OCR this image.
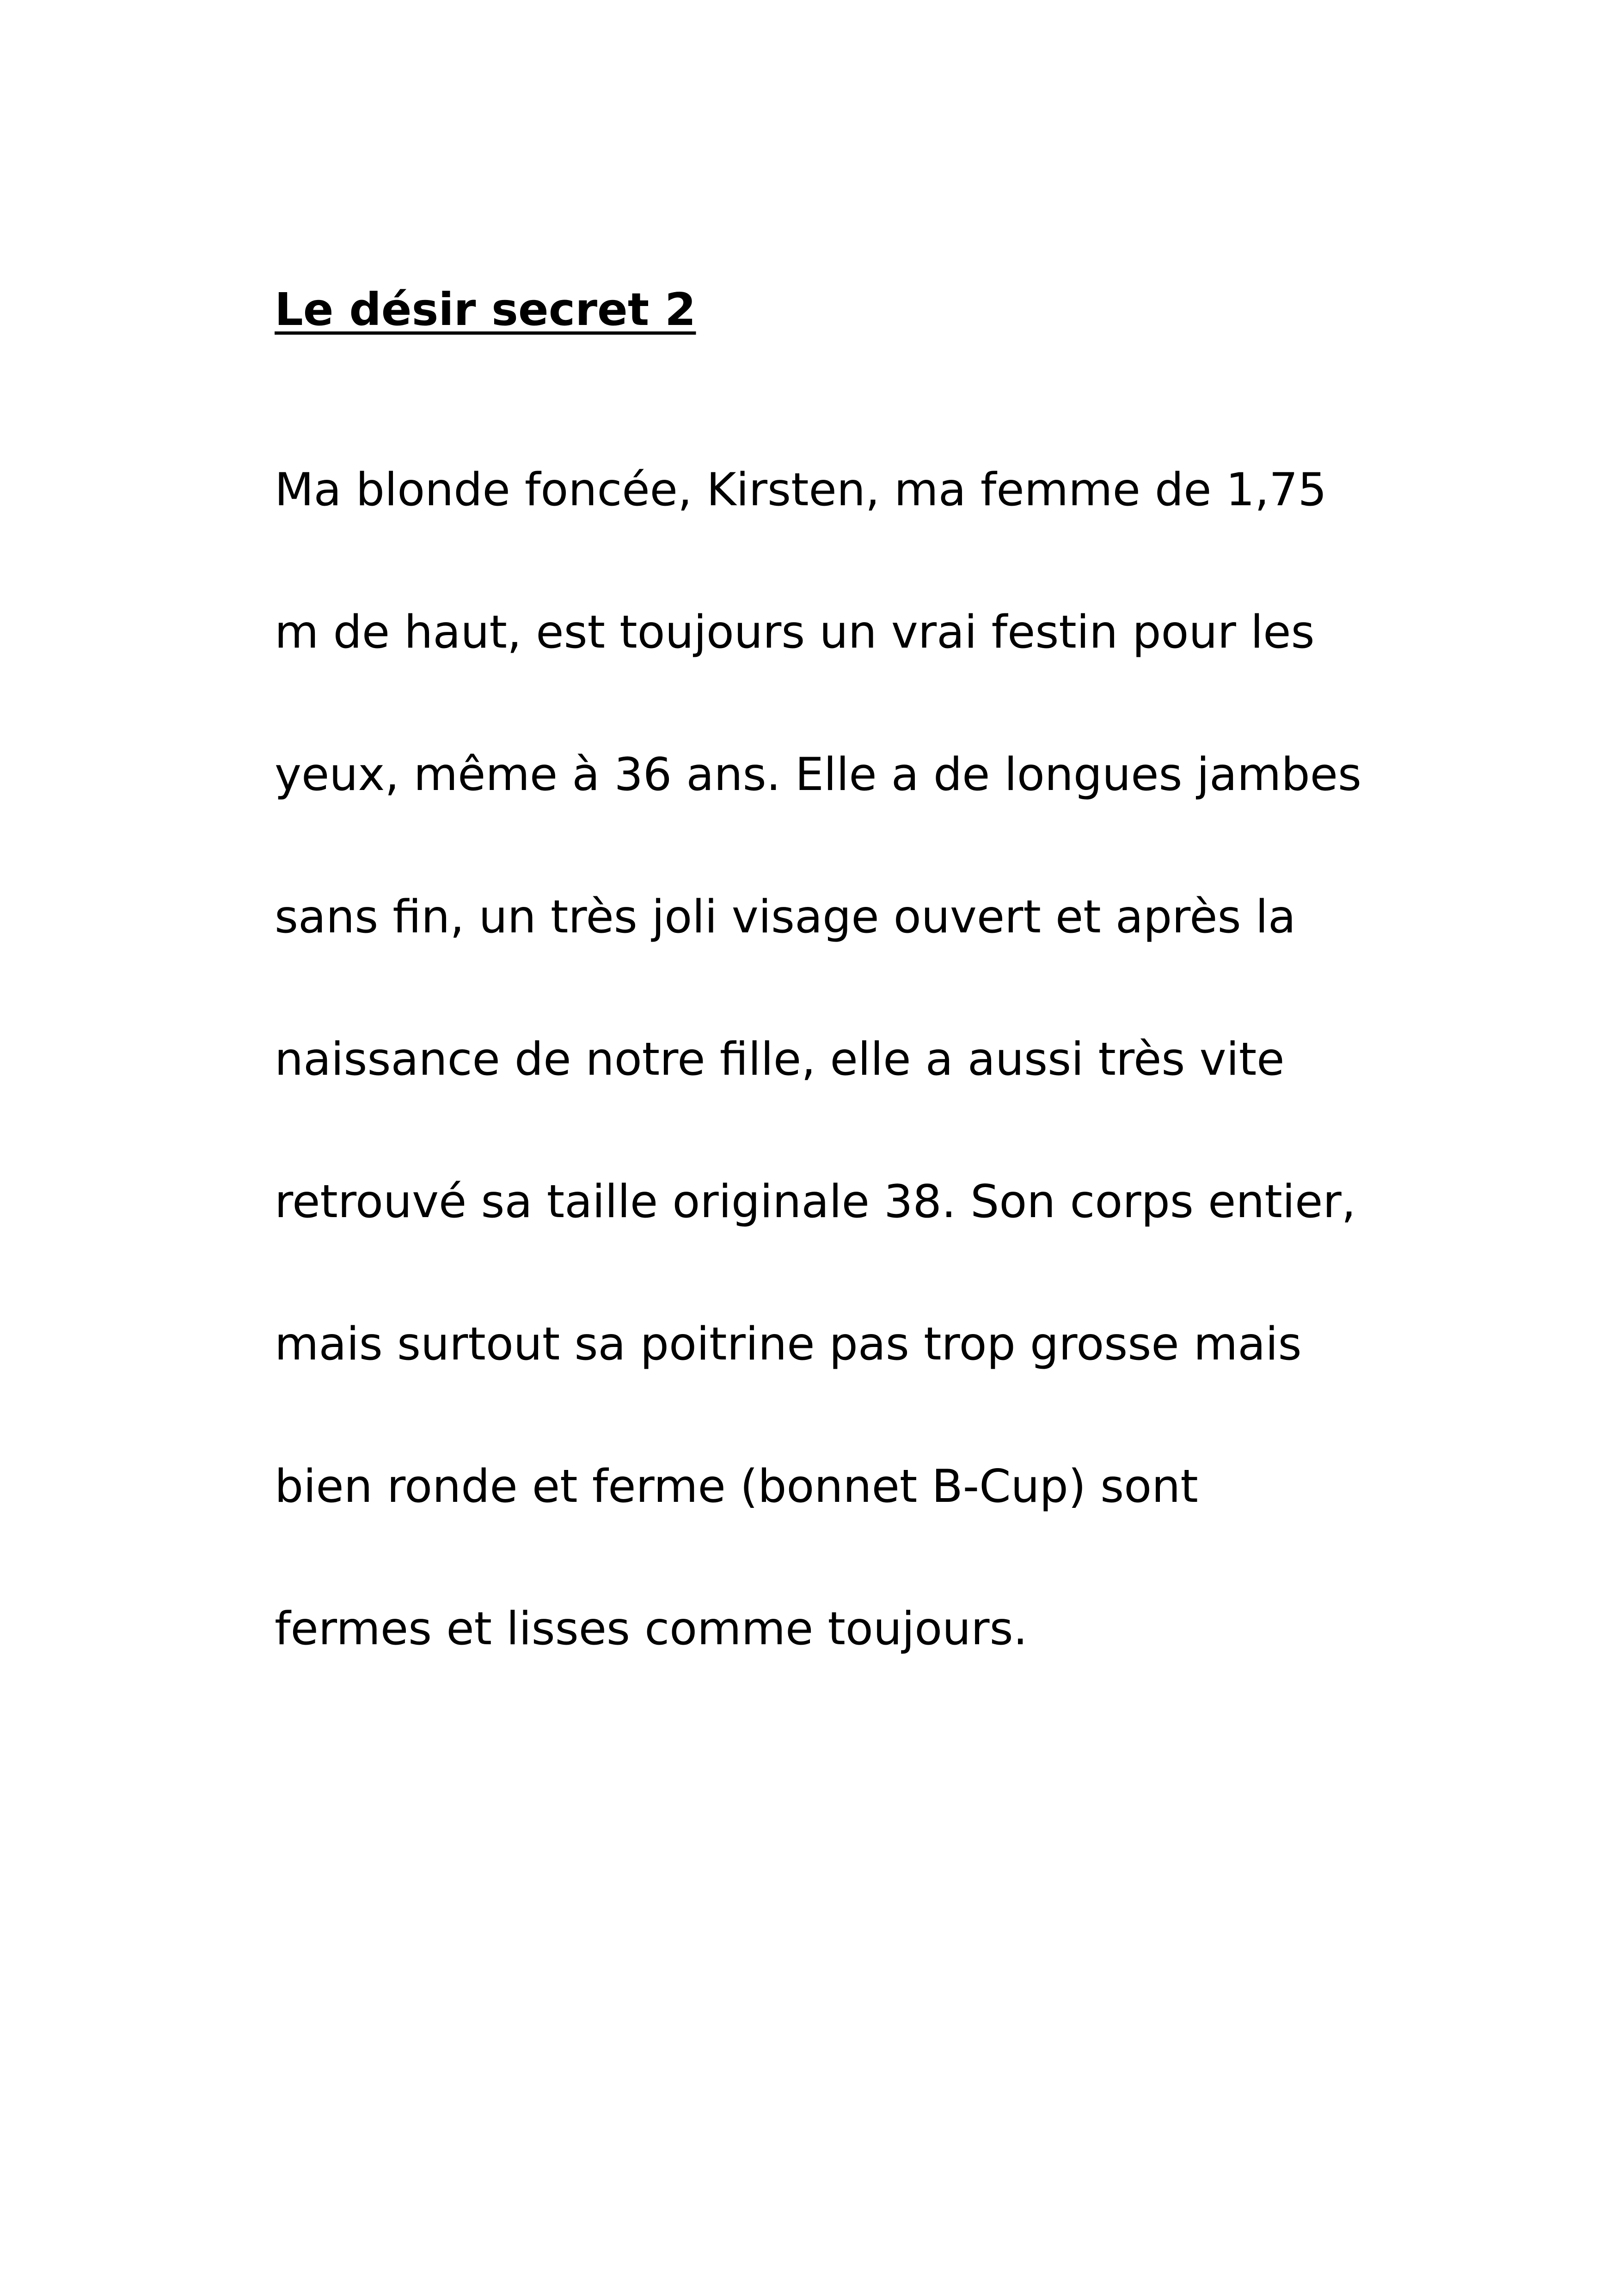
Le désir secret 2
Ma blonde foncée, Kirsten, ma femme de 1,75
m de haut, est toujours un vrai festin pour les
yeux, même à 36 ans. Elle a de longues jambes
sans fin, un très joli visage ouvert et après la
naissance de notre fille, elle a aussi très vite
retrouvé sa taille originale 38. Son corps entier,
mais surtout sa poitrine pas trop grosse mais
bien ronde et ferme (bonnet B-Cup) sont
fermes et lisses comme toujours.
